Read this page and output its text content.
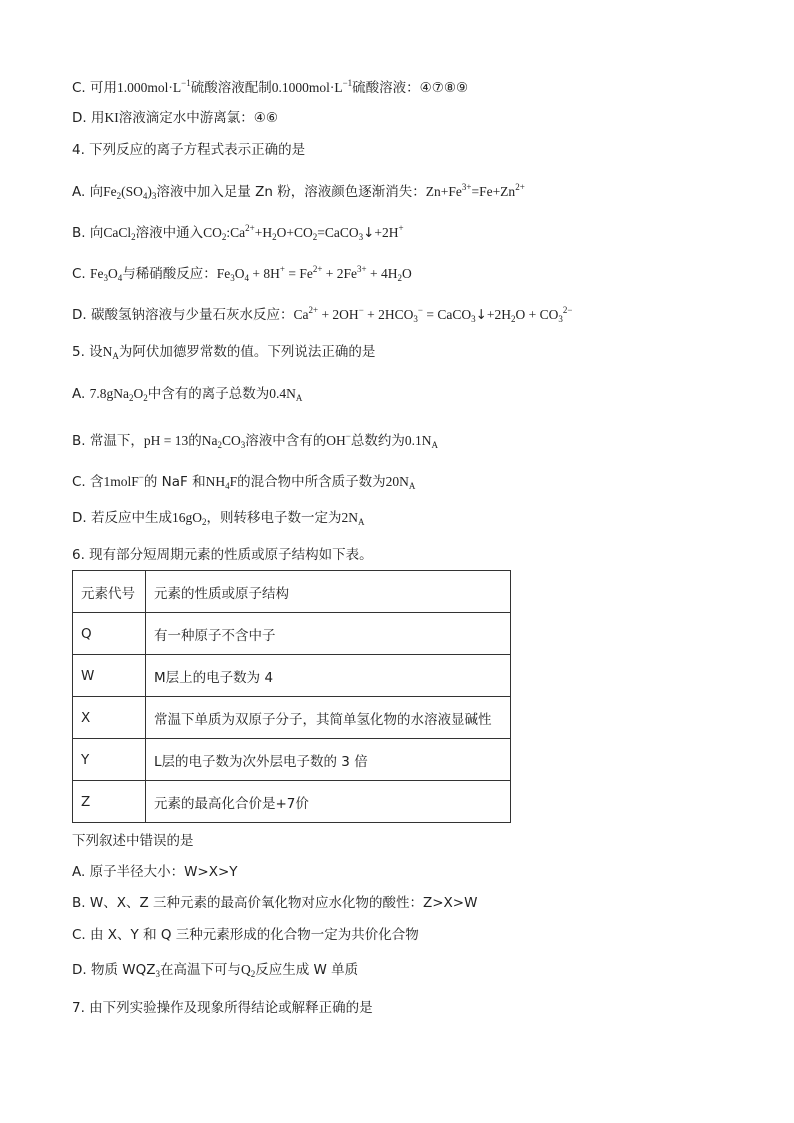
C. 可用$1.000mol\cdot L^{-1}$硫酸溶液配制$0.1000mol\cdot L^{-1}$硫酸溶液：④⑦⑧⑨
D. 用KI溶液滴定水中游离氯：④⑥
4. 下列反应的离子方程式表示正确的是
A. 向$Fe_2(SO_4)_3$溶液中加入足量 Zn 粉，溶液颜色逐渐消失：$Zn+Fe^{3+}=Fe+Zn^{2+}$
B. 向CaCl$_2$溶液中通入$CO_2:Ca^{2+}+H_2O+CO_2=CaCO_3↓+2H^+$
C. $Fe_3O_4$与稀硝酸反应：$Fe_3O_4 + 8H^+ = Fe^{2+} + 2Fe^{3+} + 4H_2O$
D. 碳酸氢钠溶液与少量石灰水反应：$Ca^{2+} + 2OH^- + 2HCO_3^-$ = $CaCO_3↓+2H_2O + CO_3^{2-}$
5. 设$N_A$为阿伏加德罗常数的值。下列说法正确的是
A. $7.8gNa_2O_2$中含有的离子总数为$0.4N_A$
B. 常温下，pH = 13的$Na_2CO_3$溶液中含有的OH−总数约为$0.1N_A$
C. 含1molF−的 NaF 和$NH_4F$的混合物中所含质子数为$20N_A$
D. 若反应中生成$16gO_2$，则转移电子数一定为$2N_A$
6. 现有部分短周期元素的性质或原子结构如下表。
元素代号	元素的性质或原子结构
Q	有一种原子不含中子
W	M层上的电子数为 4
X	常温下单质为双原子分子，其简单氢化物的水溶液显碱性
Y	L层的电子数为次外层电子数的 3 倍
Z	元素的最高化合价是+7价
下列叙述中错误的是
A. 原子半径大小：W>X>Y
B. W、X、Z 三种元素的最高价氧化物对应水化物的酸性：Z>X>W
C. 由 X、Y 和 Q 三种元素形成的化合物一定为共价化合物
D. 物质 $WQZ_3$在高温下可与$Q_2$反应生成 W 单质
7. 由下列实验操作及现象所得结论或解释正确的是
